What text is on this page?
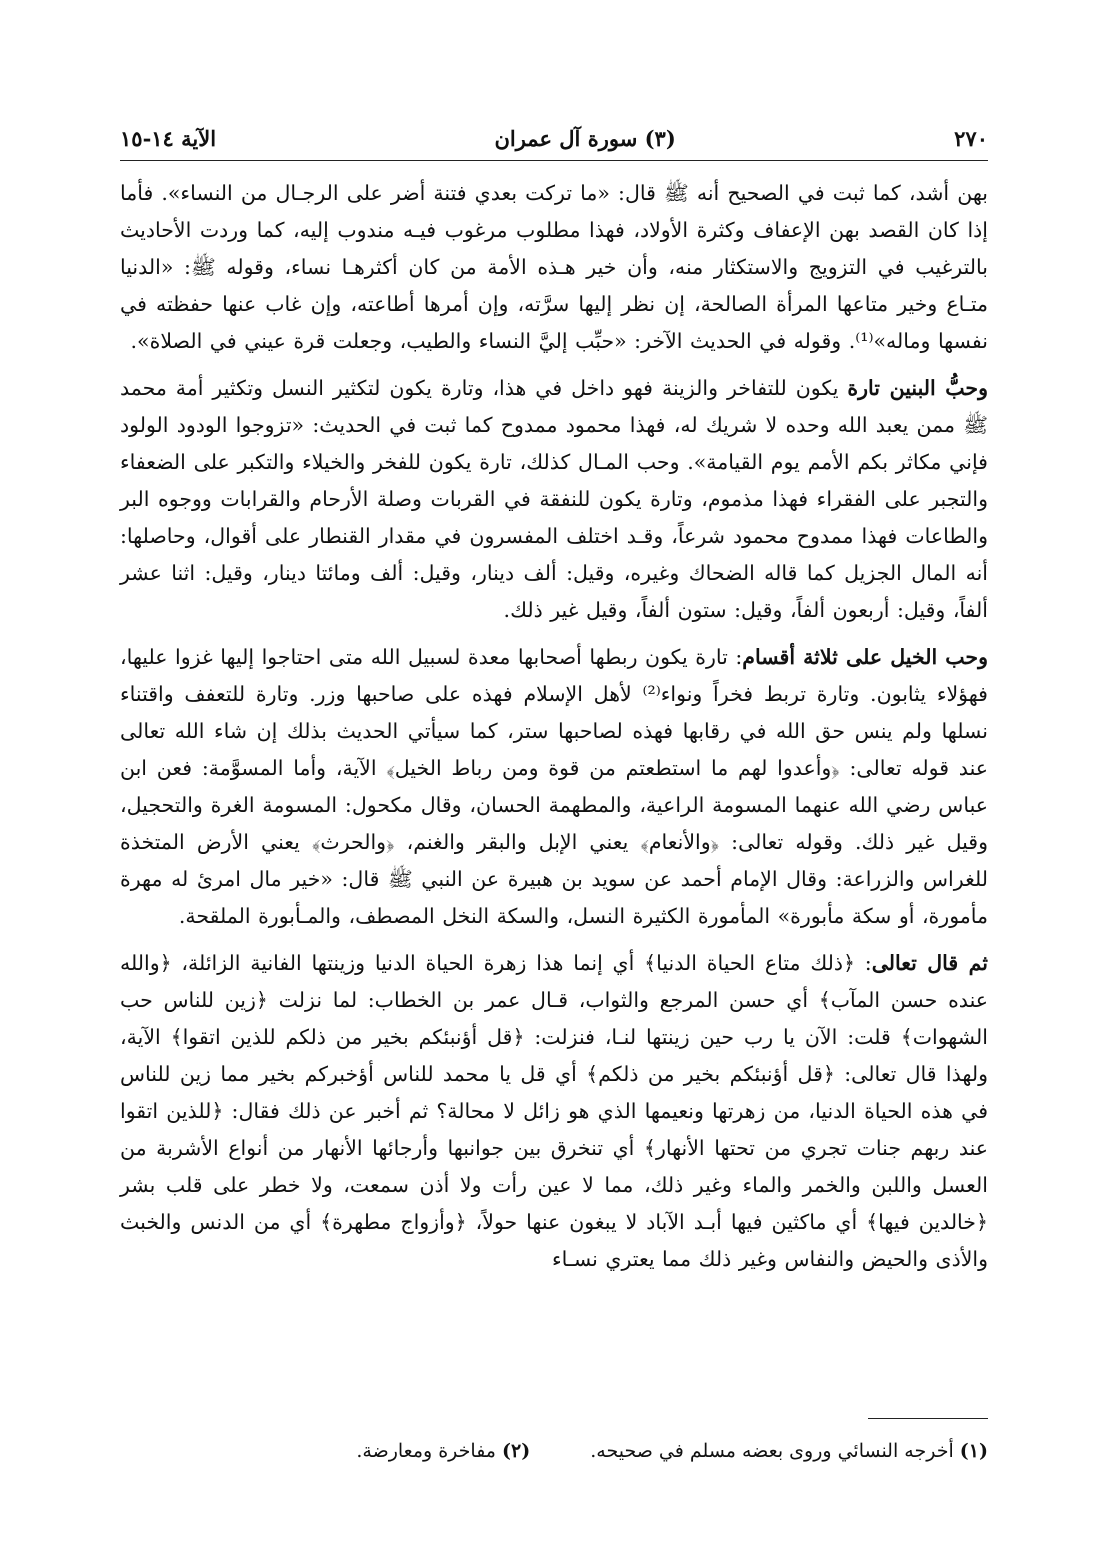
٢٧٠
(٣) سورة آل عمران
الآية ١٤-١٥

بهن أشد، كما ثبت في الصحيح أنه ﷺ قال: «ما تركت بعدي فتنة أضر على الرجـال من النساء». فأما إذا كان القصد بهن الإعفاف وكثرة الأولاد، فهذا مطلوب مرغوب فيـه مندوب إليه، كما وردت الأحاديث بالترغيب في التزويج والاستكثار منه، وأن خير هـذه الأمة من كان أكثرهـا نساء، وقوله ﷺ: «الدنيا متـاع وخير متاعها المرأة الصالحة، إن نظر إليها سرَّته، وإن أمرها أطاعته، وإن غاب عنها حفظته في نفسها وماله»⁽¹⁾. وقوله في الحديث الآخر: «حبِّب إليَّ النساء والطيب، وجعلت قرة عيني في الصلاة».

وحبُّ البنين تارة يكون للتفاخر والزينة فهو داخل في هذا، وتارة يكون لتكثير النسل وتكثير أمة محمد ﷺ ممن يعبد الله وحده لا شريك له، فهذا محمود ممدوح كما ثبت في الحديث: «تزوجوا الودود الولود فإني مكاثر بكم الأمم يوم القيامة». وحب المـال كذلك، تارة يكون للفخر والخيلاء والتكبر على الضعفاء والتجبر على الفقراء فهذا مذموم، وتارة يكون للنفقة في القربات وصلة الأرحام والقرابات ووجوه البر والطاعات فهذا ممدوح محمود شرعاً، وقـد اختلف المفسرون في مقدار القنطار على أقوال، وحاصلها: أنه المال الجزيل كما قاله الضحاك وغيره، وقيل: ألف دينار، وقيل: ألف ومائتا دينار، وقيل: اثنا عشر ألفاً، وقيل: أربعون ألفاً، وقيل: ستون ألفاً، وقيل غير ذلك.

وحب الخيل على ثلاثة أقسام: تارة يكون ربطها أصحابها معدة لسبيل الله متى احتاجوا إليها غزوا عليها، فهؤلاء يثابون. وتارة تربط فخراً ونواء⁽²⁾ لأهل الإسلام فهذه على صاحبها وزر. وتارة للتعفف واقتناء نسلها ولم ينس حق الله في رقابها فهذه لصاحبها ستر، كما سيأتي الحديث بذلك إن شاء الله تعالى عند قوله تعالى: ﴿وأعدوا لهم ما استطعتم من قوة ومن رباط الخيل﴾ الآية، وأما المسوَّمة: فعن ابن عباس رضي الله عنهما المسومة الراعية، والمطهمة الحسان، وقال مكحول: المسومة الغرة والتحجيل، وقيل غير ذلك. وقوله تعالى: ﴿والأنعام﴾ يعني الإبل والبقر والغنم، ﴿والحرث﴾ يعني الأرض المتخذة للغراس والزراعة: وقال الإمام أحمد عن سويد بن هبيرة عن النبي ﷺ قال: «خير مال امرئ له مهرة مأمورة، أو سكة مأبورة» المأمورة الكثيرة النسل، والسكة النخل المصطف، والمـأبورة الملقحة.

ثم قال تعالى: ﴿ذلك متاع الحياة الدنيا﴾ أي إنما هذا زهرة الحياة الدنيا وزينتها الفانية الزائلة، ﴿والله عنده حسن المآب﴾ أي حسن المرجع والثواب، قـال عمر بن الخطاب: لما نزلت ﴿زين للناس حب الشهوات﴾ قلت: الآن يا رب حين زينتها لنـا، فنزلت: ﴿قل أؤنبئكم بخير من ذلكم للذين اتقوا﴾ الآية، ولهذا قال تعالى: ﴿قل أؤنبئكم بخير من ذلكم﴾ أي قل يا محمد للناس أؤخبركم بخير مما زين للناس في هذه الحياة الدنيا، من زهرتها ونعيمها الذي هو زائل لا محالة؟ ثم أخبر عن ذلك فقال: ﴿للذين اتقوا عند ربهم جنات تجري من تحتها الأنهار﴾ أي تنخرق بين جوانبها وأرجائها الأنهار من أنواع الأشربة من العسل واللبن والخمر والماء وغير ذلك، مما لا عين رأت ولا أذن سمعت، ولا خطر على قلب بشر ﴿خالدين فيها﴾ أي ماكثين فيها أبـد الآباد لا يبغون عنها حولاً، ﴿وأزواج مطهرة﴾ أي من الدنس والخبث والأذى والحيض والنفاس وغير ذلك مما يعتري نسـاء

(١) أخرجه النسائي وروى بعضه مسلم في صحيحه.
(٢) مفاخرة ومعارضة.
